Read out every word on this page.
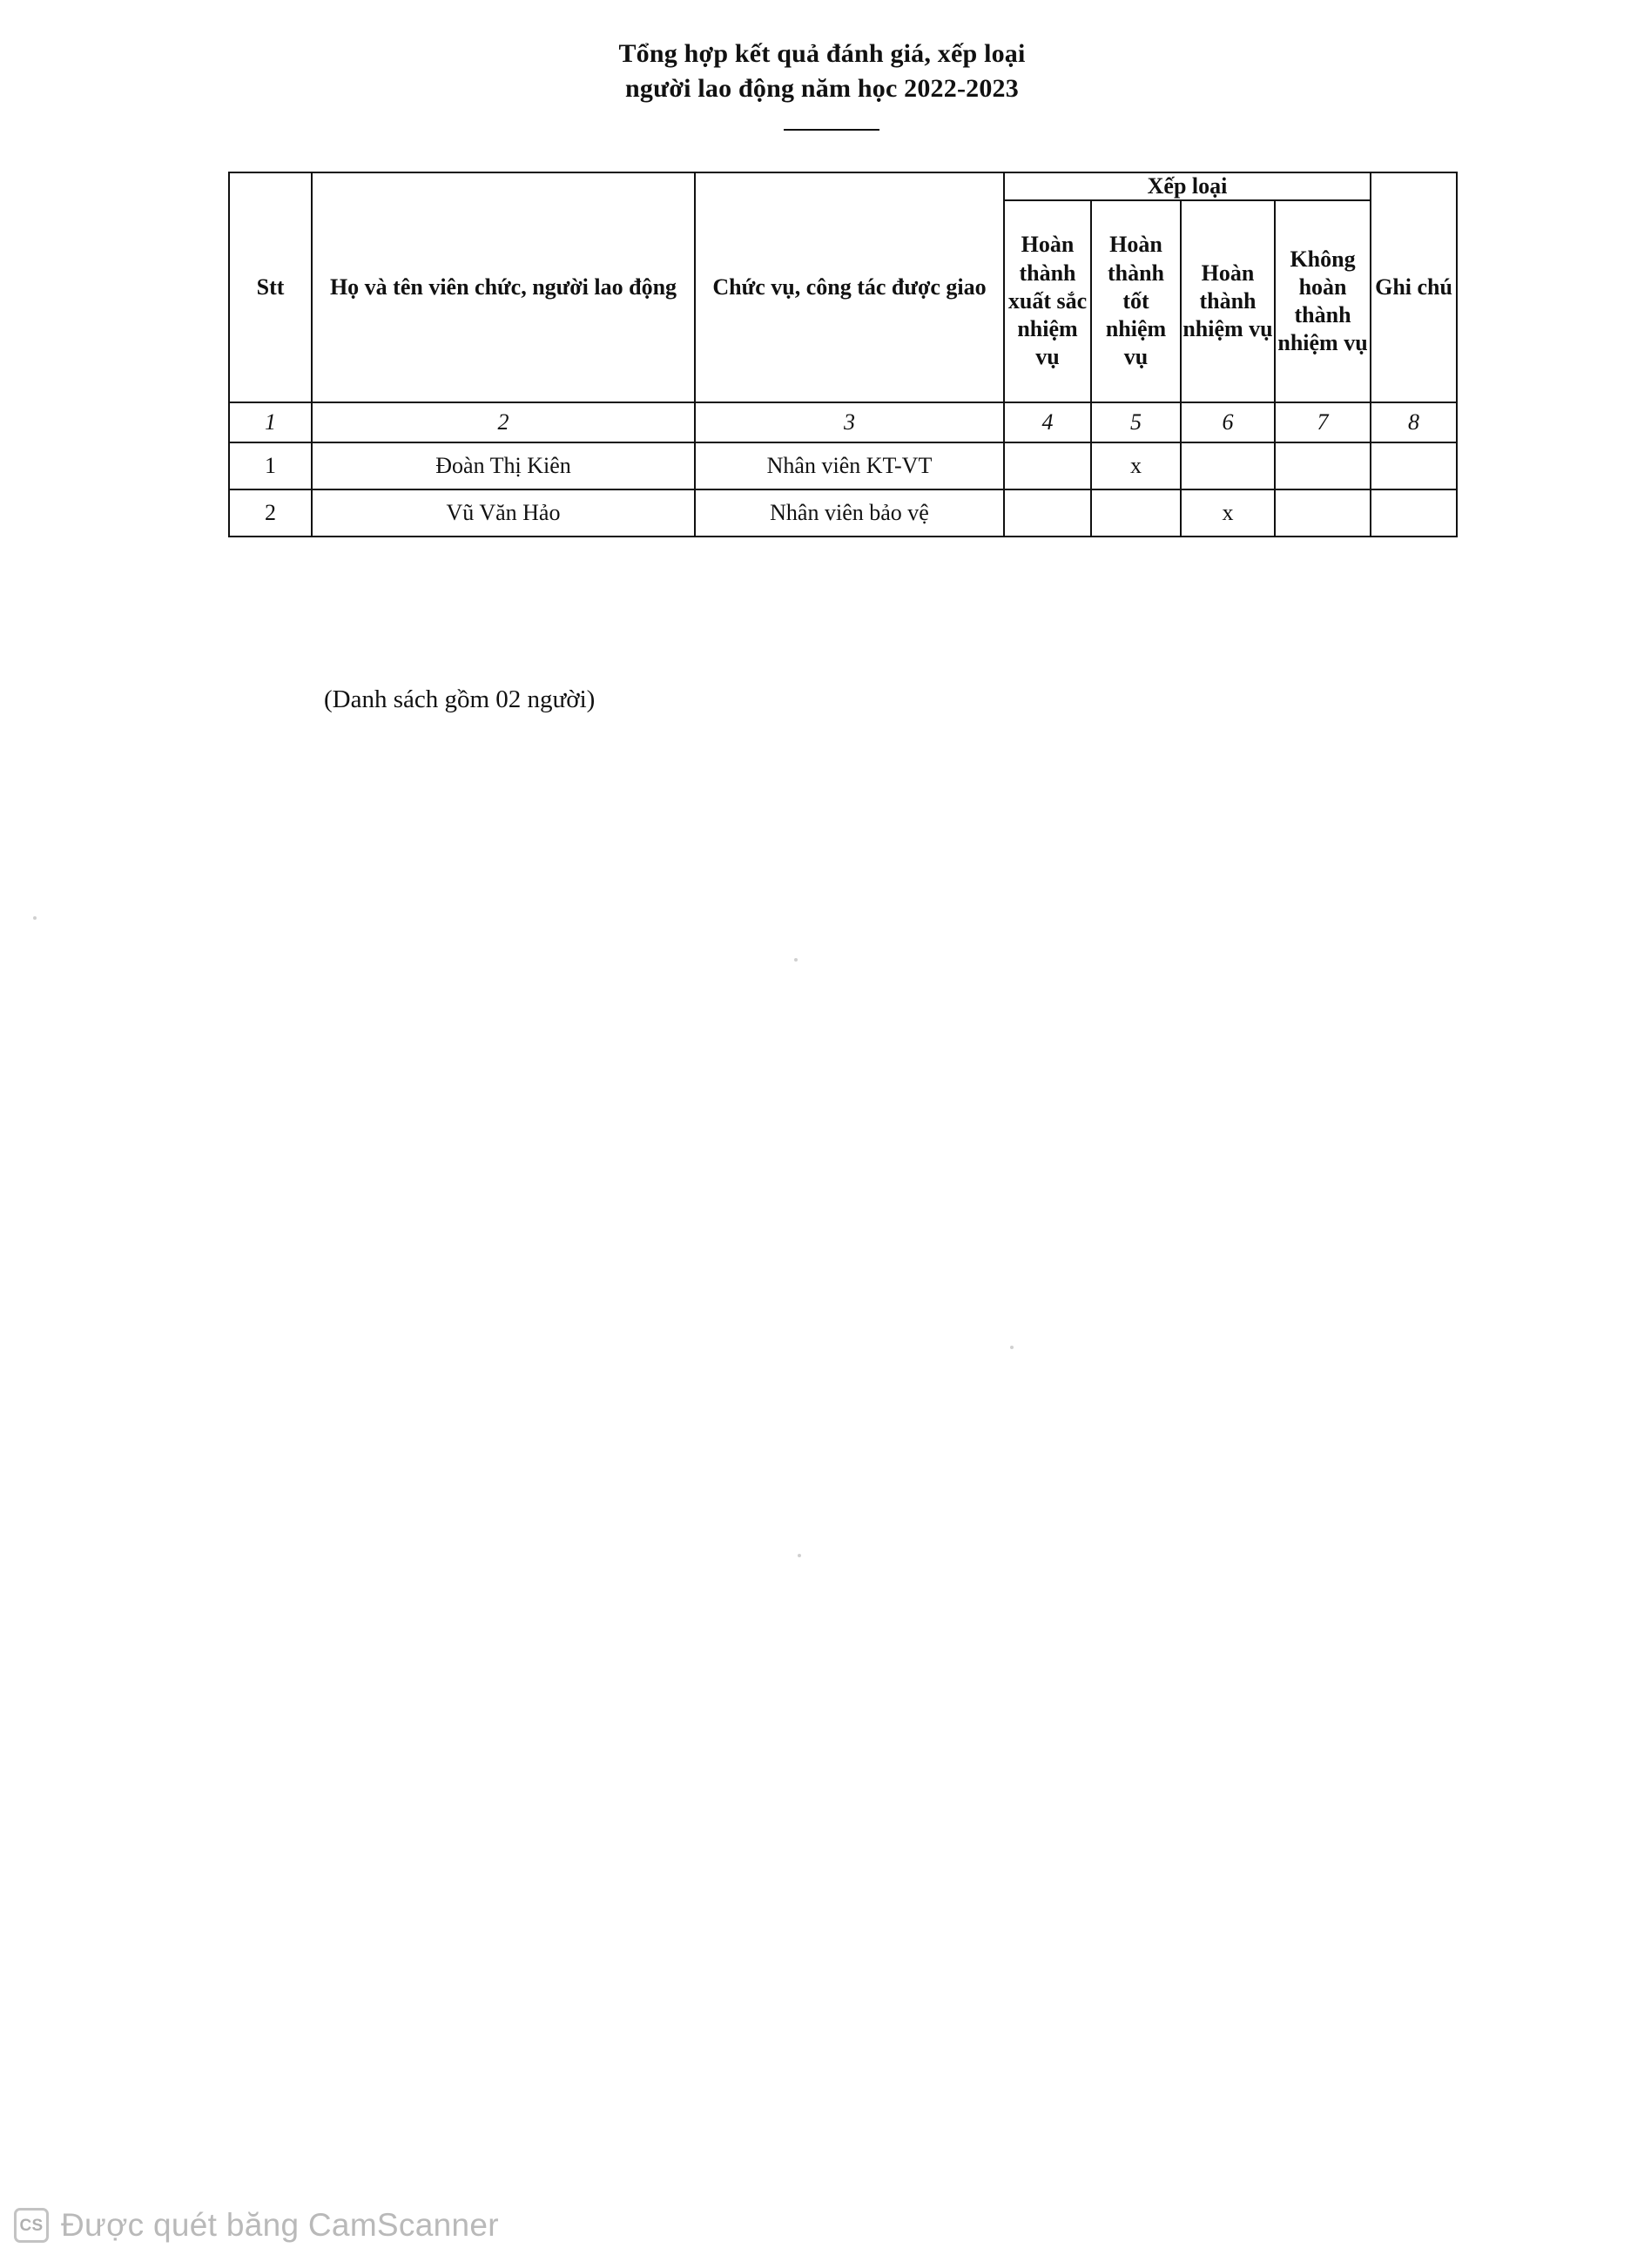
Tổng hợp kết quả đánh giá, xếp loại
người lao động năm học 2022-2023
Stt	Họ và tên viên chức, người lao động	Chức vụ, công tác được giao	Xếp loại				Ghi chú
			Hoàn thành xuất sắc nhiệm vụ	Hoàn thành tốt nhiệm vụ	Hoàn thành nhiệm vụ	Không hoàn thành nhiệm vụ	
1	2	3	4	5	6	7	8
1	Đoàn Thị Kiên	Nhân viên KT-VT		x			
2	Vũ Văn Hảo	Nhân viên bảo vệ			x		
(Danh sách gồm 02 người)
CS Được quét băng CamScanner
